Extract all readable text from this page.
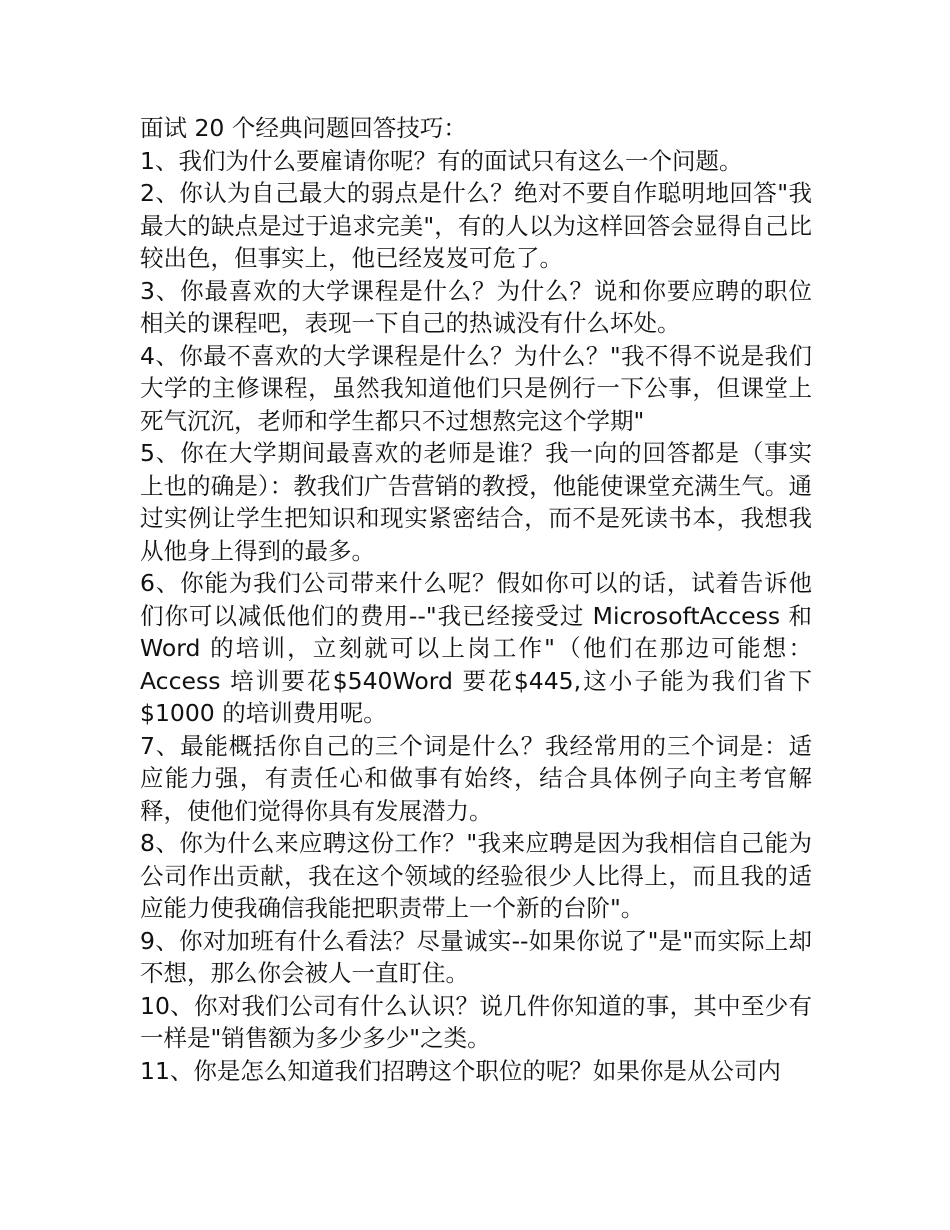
面试 20 个经典问题回答技巧：

1、我们为什么要雇请你呢？有的面试只有这么一个问题。

2、你认为自己最大的弱点是什么？绝对不要自作聪明地回答"我最大的缺点是过于追求完美"，有的人以为这样回答会显得自己比较出色，但事实上，他已经岌岌可危了。

3、你最喜欢的大学课程是什么？为什么？说和你要应聘的职位相关的课程吧，表现一下自己的热诚没有什么坏处。

4、你最不喜欢的大学课程是什么？为什么？"我不得不说是我们大学的主修课程，虽然我知道他们只是例行一下公事，但课堂上死气沉沉，老师和学生都只不过想熬完这个学期"

5、你在大学期间最喜欢的老师是谁？我一向的回答都是（事实上也的确是）：教我们广告营销的教授，他能使课堂充满生气。通过实例让学生把知识和现实紧密结合，而不是死读书本，我想我从他身上得到的最多。

6、你能为我们公司带来什么呢？假如你可以的话，试着告诉他们你可以减低他们的费用--"我已经接受过 MicrosoftAccess 和 Word 的培训，立刻就可以上岗工作"（他们在那边可能想：Access 培训要花$540Word 要花$445,这小子能为我们省下$1000 的培训费用呢。

7、最能概括你自己的三个词是什么？我经常用的三个词是：适应能力强，有责任心和做事有始终，结合具体例子向主考官解释，使他们觉得你具有发展潜力。

8、你为什么来应聘这份工作？"我来应聘是因为我相信自己能为公司作出贡献，我在这个领域的经验很少人比得上，而且我的适应能力使我确信我能把职责带上一个新的台阶"。

9、你对加班有什么看法？尽量诚实--如果你说了"是"而实际上却不想，那么你会被人一直盯住。

10、你对我们公司有什么认识？说几件你知道的事，其中至少有一样是"销售额为多少多少"之类。

11、你是怎么知道我们招聘这个职位的呢？如果你是从公司内
